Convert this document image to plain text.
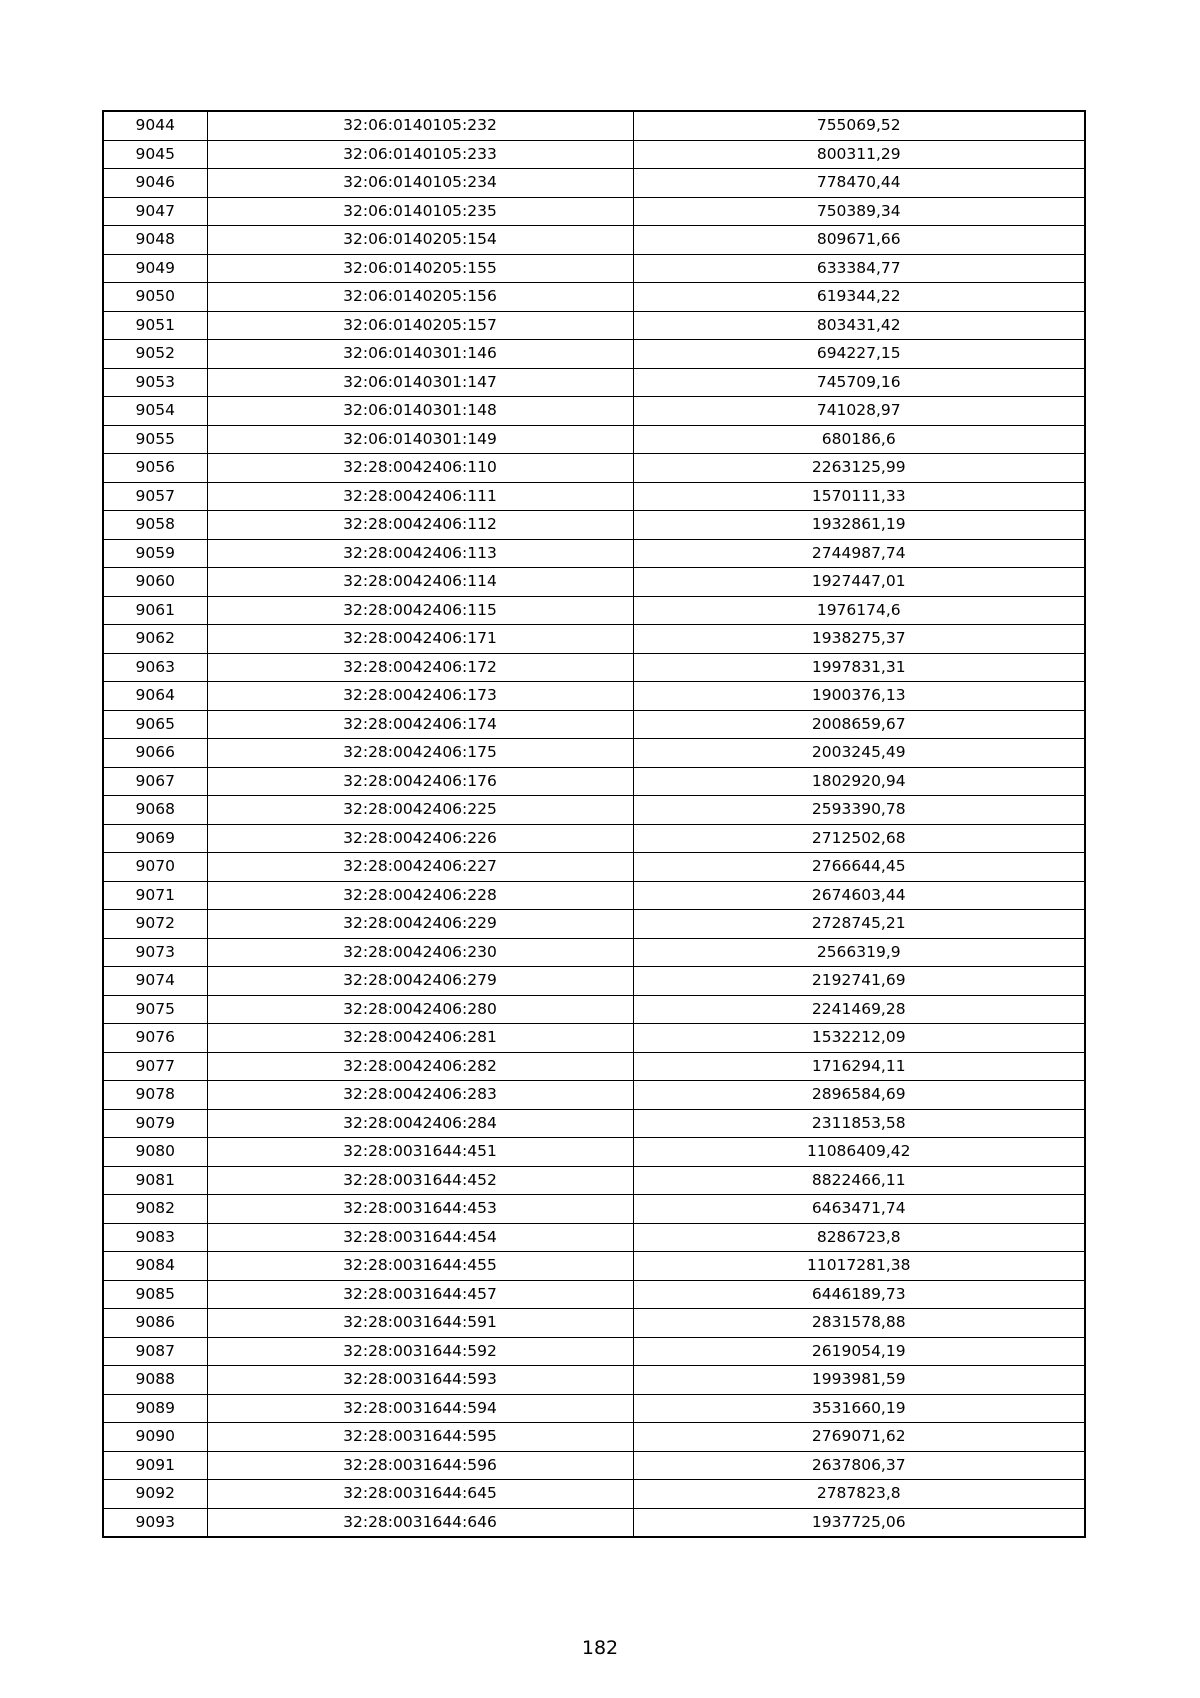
9044	32:06:0140105:232	755069,52
9045	32:06:0140105:233	800311,29
9046	32:06:0140105:234	778470,44
9047	32:06:0140105:235	750389,34
9048	32:06:0140205:154	809671,66
9049	32:06:0140205:155	633384,77
9050	32:06:0140205:156	619344,22
9051	32:06:0140205:157	803431,42
9052	32:06:0140301:146	694227,15
9053	32:06:0140301:147	745709,16
9054	32:06:0140301:148	741028,97
9055	32:06:0140301:149	680186,6
9056	32:28:0042406:110	2263125,99
9057	32:28:0042406:111	1570111,33
9058	32:28:0042406:112	1932861,19
9059	32:28:0042406:113	2744987,74
9060	32:28:0042406:114	1927447,01
9061	32:28:0042406:115	1976174,6
9062	32:28:0042406:171	1938275,37
9063	32:28:0042406:172	1997831,31
9064	32:28:0042406:173	1900376,13
9065	32:28:0042406:174	2008659,67
9066	32:28:0042406:175	2003245,49
9067	32:28:0042406:176	1802920,94
9068	32:28:0042406:225	2593390,78
9069	32:28:0042406:226	2712502,68
9070	32:28:0042406:227	2766644,45
9071	32:28:0042406:228	2674603,44
9072	32:28:0042406:229	2728745,21
9073	32:28:0042406:230	2566319,9
9074	32:28:0042406:279	2192741,69
9075	32:28:0042406:280	2241469,28
9076	32:28:0042406:281	1532212,09
9077	32:28:0042406:282	1716294,11
9078	32:28:0042406:283	2896584,69
9079	32:28:0042406:284	2311853,58
9080	32:28:0031644:451	11086409,42
9081	32:28:0031644:452	8822466,11
9082	32:28:0031644:453	6463471,74
9083	32:28:0031644:454	8286723,8
9084	32:28:0031644:455	11017281,38
9085	32:28:0031644:457	6446189,73
9086	32:28:0031644:591	2831578,88
9087	32:28:0031644:592	2619054,19
9088	32:28:0031644:593	1993981,59
9089	32:28:0031644:594	3531660,19
9090	32:28:0031644:595	2769071,62
9091	32:28:0031644:596	2637806,37
9092	32:28:0031644:645	2787823,8
9093	32:28:0031644:646	1937725,06
182
